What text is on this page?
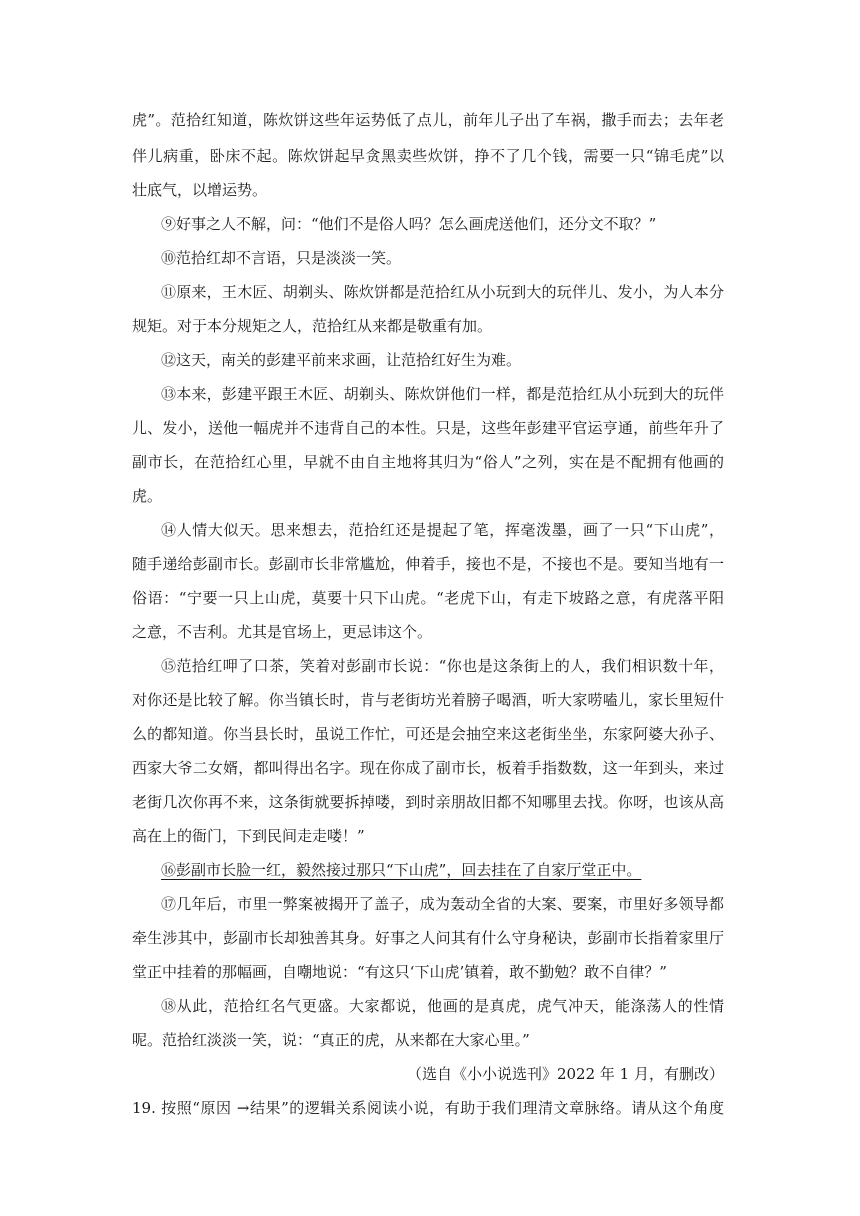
虎”。范拾红知道，陈炊饼这些年运势低了点儿，前年儿子出了车祸，撒手而去；去年老
伴儿病重，卧床不起。陈炊饼起早贪黑卖些炊饼，挣不了几个钱，需要一只“锦毛虎”以
壮底气，以增运势。
⑨好事之人不解，问：“他们不是俗人吗？怎么画虎送他们，还分文不取？”
⑩范拾红却不言语，只是淡淡一笑。
⑪原来，王木匠、胡剃头、陈炊饼都是范拾红从小玩到大的玩伴儿、发小，为人本分
规矩。对于本分规矩之人，范拾红从来都是敬重有加。
⑫这天，南关的彭建平前来求画，让范拾红好生为难。
⑬本来，彭建平跟王木匠、胡剃头、陈炊饼他们一样，都是范拾红从小玩到大的玩伴
儿、发小，送他一幅虎并不违背自己的本性。只是，这些年彭建平官运亨通，前些年升了
副市长，在范拾红心里，早就不由自主地将其归为“俗人”之列，实在是不配拥有他画的
虎。
⑭人情大似天。思来想去，范拾红还是提起了笔，挥毫泼墨，画了一只“下山虎”，
随手递给彭副市长。彭副市长非常尴尬，伸着手，接也不是，不接也不是。要知当地有一
俗语：“宁要一只上山虎，莫要十只下山虎。“老虎下山，有走下坡路之意，有虎落平阳
之意，不吉利。尤其是官场上，更忌讳这个。
⑮范拾红呷了口茶，笑着对彭副市长说：“你也是这条街上的人，我们相识数十年，
对你还是比较了解。你当镇长时，肯与老街坊光着膀子喝酒，听大家唠嗑儿，家长里短什
么的都知道。你当县长时，虽说工作忙，可还是会抽空来这老街坐坐，东家阿婆大孙子、
西家大爷二女婿，都叫得出名字。现在你成了副市长，板着手指数数，这一年到头，来过
老街几次你再不来，这条街就要拆掉喽，到时亲朋故旧都不知哪里去找。你呀，也该从高
高在上的衙门，下到民间走走喽！”
⑯彭副市长脸一红，毅然接过那只“下山虎”，回去挂在了自家厅堂正中。
⑰几年后，市里一弊案被揭开了盖子，成为轰动全省的大案、要案，市里好多领导都
牵生涉其中，彭副市长却独善其身。好事之人问其有什么守身秘诀，彭副市长指着家里厅
堂正中挂着的那幅画，自嘲地说：“有这只‘下山虎’镇着，敢不勤勉？敢不自律？”
⑱从此，范拾红名气更盛。大家都说，他画的是真虎，虎气冲天，能涤荡人的性情
呢。范拾红淡淡一笑，说：“真正的虎，从来都在大家心里。”
（选自《小小说选刊》2022 年 1 月，有删改）
19. 按照“原因 →结果”的逻辑关系阅读小说，有助于我们理清文章脉络。请从这个角度
